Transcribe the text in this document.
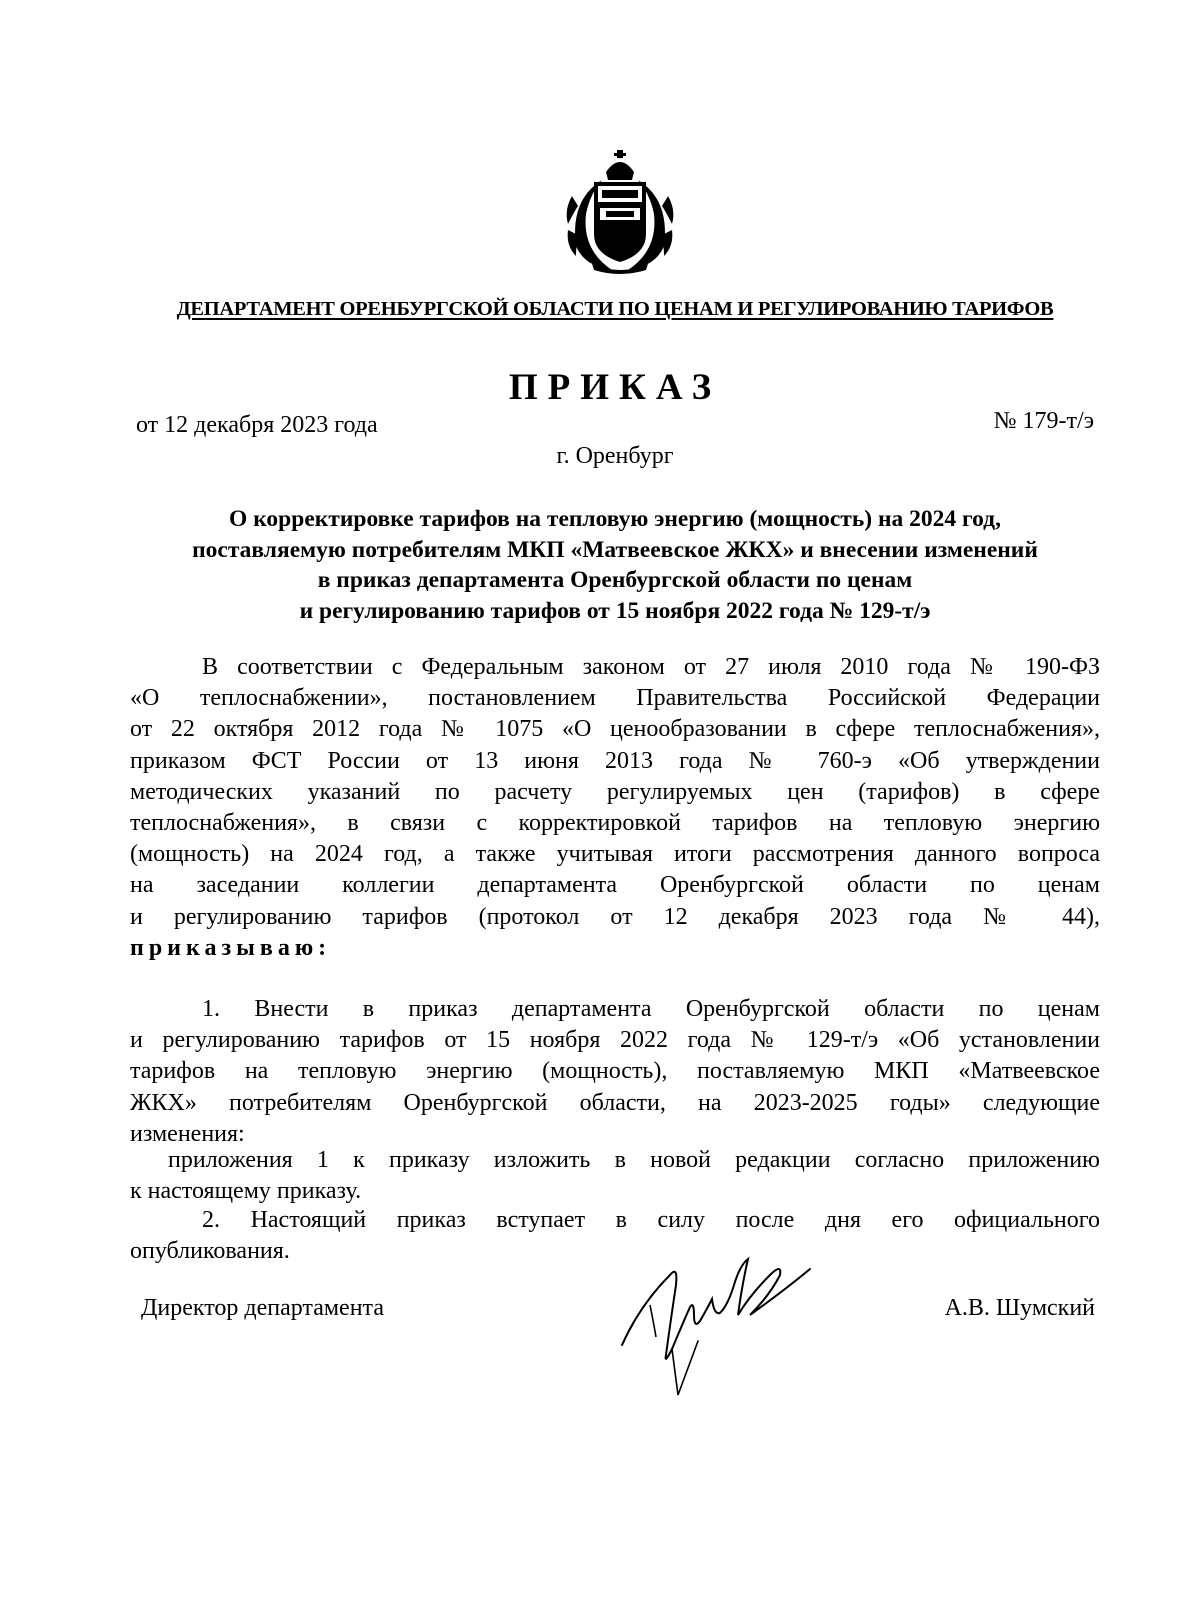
ДЕПАРТАМЕНТ ОРЕНБУРГСКОЙ ОБЛАСТИ ПО ЦЕНАМ И РЕГУЛИРОВАНИЮ ТАРИФОВ
ПРИКАЗ
от 12 декабря 2023 года	№ 179-т/э
г. Оренбург
О корректировке тарифов на тепловую энергию (мощность) на 2024 год,
поставляемую потребителям МКП «Матвеевское ЖКХ» и внесении изменений
в приказ департамента Оренбургской области по ценам
и регулированию тарифов от 15 ноября 2022 года № 129-т/э
В соответствии с Федеральным законом от 27 июля 2010 года № 190-ФЗ
«О теплоснабжении», постановлением Правительства Российской Федерации
от 22 октября 2012 года № 1075 «О ценообразовании в сфере теплоснабжения»,
приказом ФСТ России от 13 июня 2013 года № 760-э «Об утверждении
методических указаний по расчету регулируемых цен (тарифов) в сфере
теплоснабжения», в связи с корректировкой тарифов на тепловую энергию
(мощность) на 2024 год, а также учитывая итоги рассмотрения данного вопроса
на заседании коллегии департамента Оренбургской области по ценам
и регулированию тарифов (протокол от 12 декабря 2023 года № 44),
приказываю:
1. Внести в приказ департамента Оренбургской области по ценам
и регулированию тарифов от 15 ноября 2022 года № 129-т/э «Об установлении
тарифов на тепловую энергию (мощность), поставляемую МКП «Матвеевское
ЖКХ» потребителям Оренбургской области, на 2023-2025 годы» следующие
изменения:
приложения 1 к приказу изложить в новой редакции согласно приложению
к настоящему приказу.
2. Настоящий приказ вступает в силу после дня его официального
опубликования.
Директор департамента	А.В. Шумский
